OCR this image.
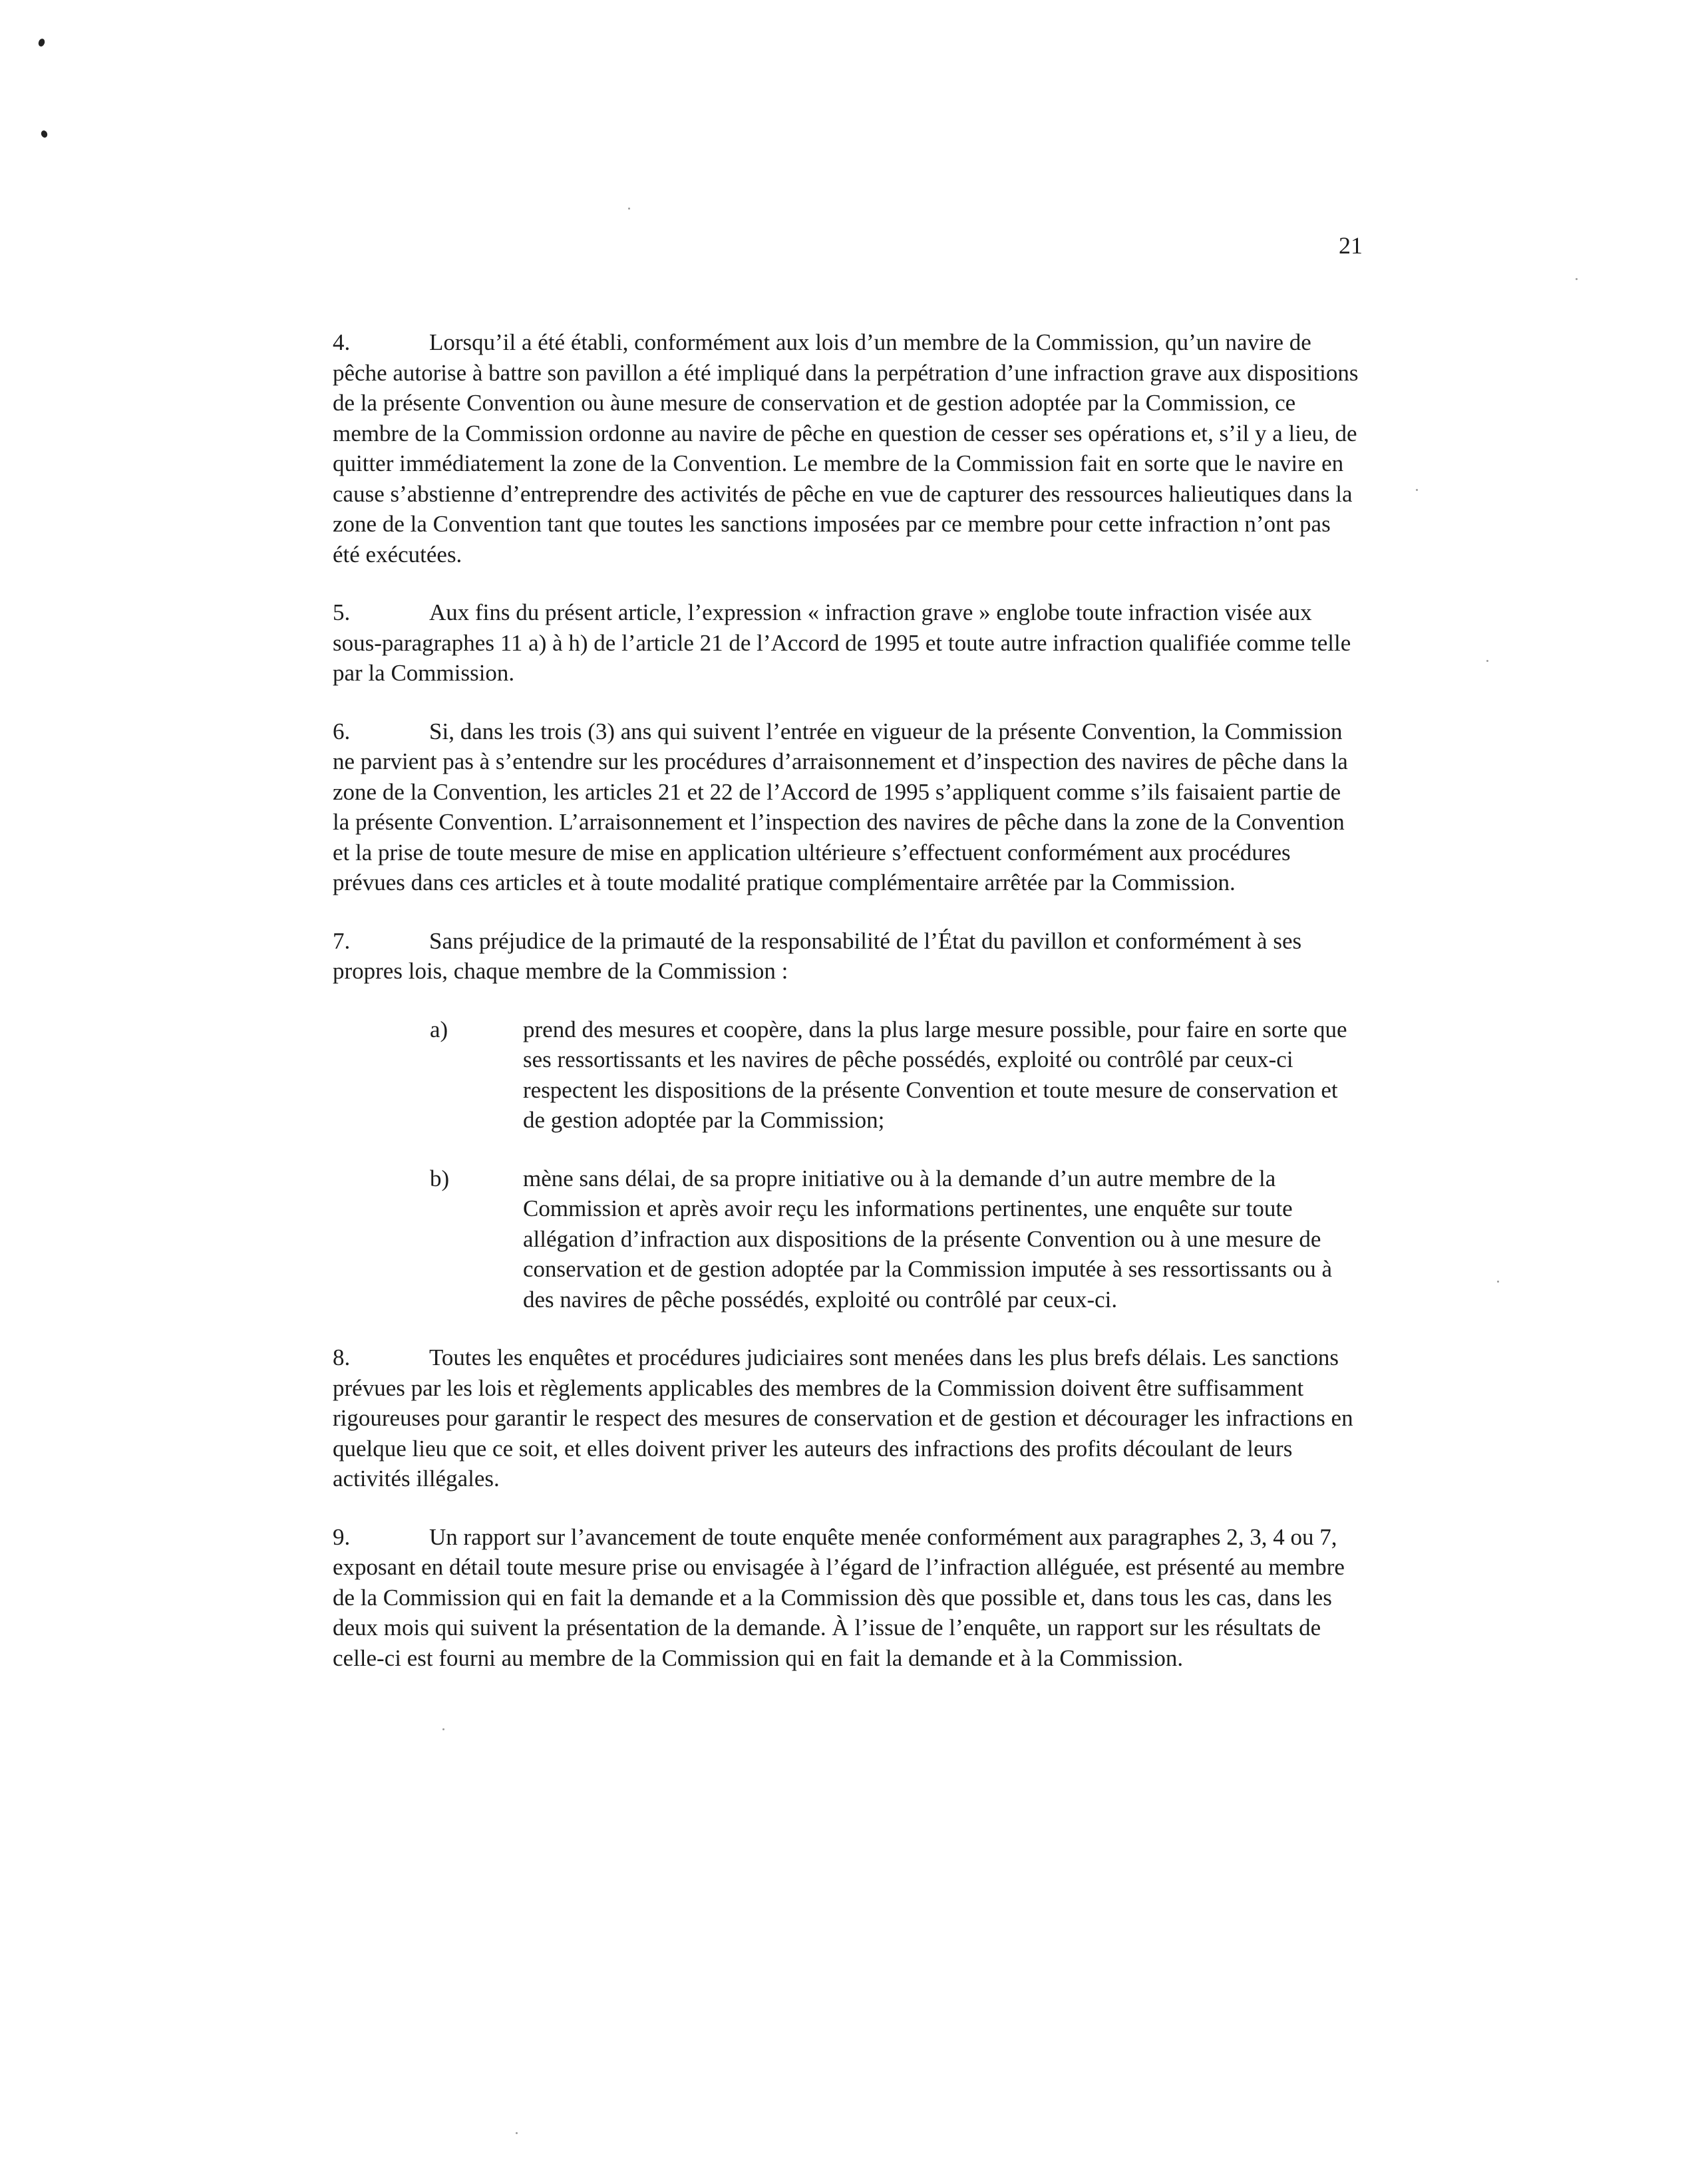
21

4.	Lorsqu’il a été établi, conformément aux lois d’un membre de la Commission, qu’un navire de pêche autorise à battre son pavillon a été impliqué dans la perpétration d’une infraction grave aux dispositions de la présente Convention ou àune mesure de conservation et de gestion adoptée par la Commission, ce membre de la Commission ordonne au navire de pêche en question de cesser ses opérations et, s’il y a lieu, de quitter immédiatement la zone de la Convention. Le membre de la Commission fait en sorte que le navire en cause s’abstienne d’entreprendre des activités de pêche en vue de capturer des ressources halieutiques dans la zone de la Convention tant que toutes les sanctions imposées par ce membre pour cette infraction n’ont pas été exécutées.

5.	Aux fins du présent article, l’expression « infraction grave » englobe toute infraction visée aux sous-paragraphes 11 a) à h) de l’article 21 de l’Accord de 1995 et toute autre infraction qualifiée comme telle par la Commission.

6.	Si, dans les trois (3) ans qui suivent l’entrée en vigueur de la présente Convention, la Commission ne parvient pas à s’entendre sur les procédures d’arraisonnement et d’inspection des navires de pêche dans la zone de la Convention, les articles 21 et 22 de l’Accord de 1995 s’appliquent comme s’ils faisaient partie de la présente Convention. L’arraisonnement et l’inspection des navires de pêche dans la zone de la Convention et la prise de toute mesure de mise en application ultérieure s’effectuent conformément aux procédures prévues dans ces articles et à toute modalité pratique complémentaire arrêtée par la Commission.

7.	Sans préjudice de la primauté de la responsabilité de l’État du pavillon et conformément à ses propres lois, chaque membre de la Commission :

a)	prend des mesures et coopère, dans la plus large mesure possible, pour faire en sorte que ses ressortissants et les navires de pêche possédés, exploité ou contrôlé par ceux-ci respectent les dispositions de la présente Convention et toute mesure de conservation et de gestion adoptée par la Commission;
b)	mène sans délai, de sa propre initiative ou à la demande d’un autre membre de la Commission et après avoir reçu les informations pertinentes, une enquête sur toute allégation d’infraction aux dispositions de la présente Convention ou à une mesure de conservation et de gestion adoptée par la Commission imputée à ses ressortissants ou à des navires de pêche possédés, exploité ou contrôlé par ceux-ci.

8.	Toutes les enquêtes et procédures judiciaires sont menées dans les plus brefs délais. Les sanctions prévues par les lois et règlements applicables des membres de la Commission doivent être suffisamment rigoureuses pour garantir le respect des mesures de conservation et de gestion et décourager les infractions en quelque lieu que ce soit, et elles doivent priver les auteurs des infractions des profits découlant de leurs activités illégales.

9.	Un rapport sur l’avancement de toute enquête menée conformément aux paragraphes 2, 3, 4 ou 7, exposant en détail toute mesure prise ou envisagée à l’égard de l’infraction alléguée, est présenté au membre de la Commission qui en fait la demande et a la Commission dès que possible et, dans tous les cas, dans les deux mois qui suivent la présentation de la demande. À l’issue de l’enquête, un rapport sur les résultats de celle-ci est fourni au membre de la Commission qui en fait la demande et à la Commission.
